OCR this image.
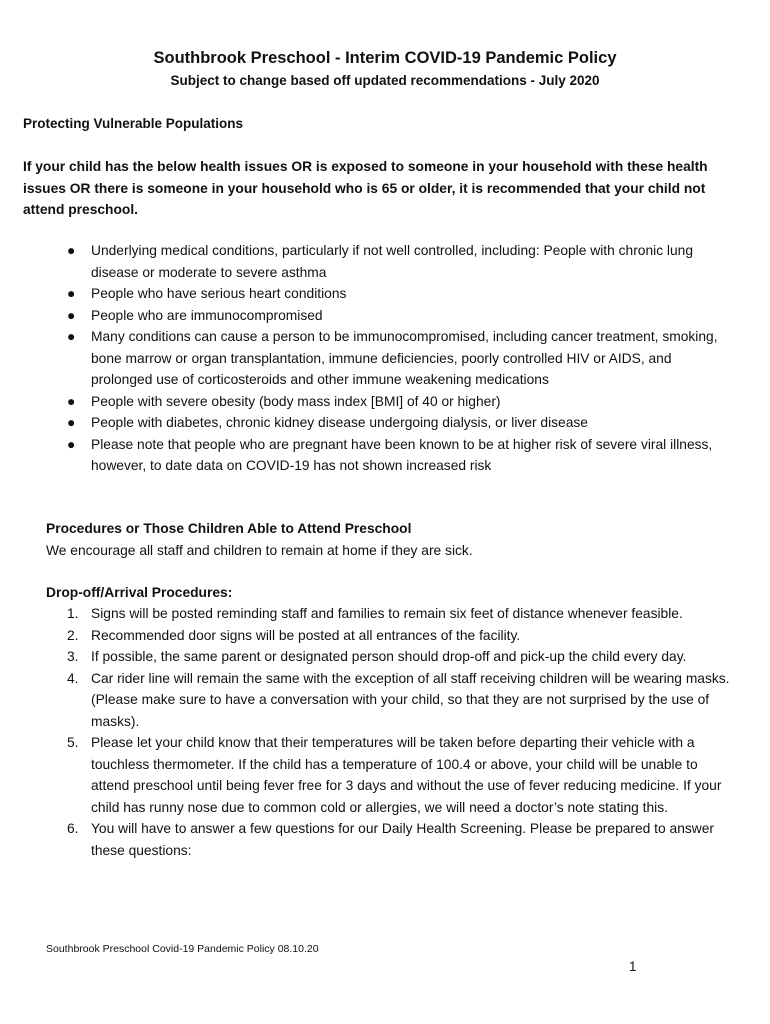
Southbrook Preschool - Interim COVID-19 Pandemic Policy
Subject to change based off updated recommendations - July 2020
Protecting Vulnerable Populations
If your child has the below health issues OR is exposed to someone in your household with these health issues OR there is someone in your household who is 65 or older, it is recommended that your child not attend preschool.
● Underlying medical conditions, particularly if not well controlled, including: People with chronic lung disease or moderate to severe asthma
● People who have serious heart conditions
● People who are immunocompromised
● Many conditions can cause a person to be immunocompromised, including cancer treatment, smoking, bone marrow or organ transplantation, immune deficiencies, poorly controlled HIV or AIDS, and prolonged use of corticosteroids and other immune weakening medications
● People with severe obesity (body mass index [BMI] of 40 or higher)
● People with diabetes, chronic kidney disease undergoing dialysis, or liver disease
● Please note that people who are pregnant have been known to be at higher risk of severe viral illness, however, to date data on COVID-19 has not shown increased risk
Procedures or Those Children Able to Attend Preschool
We encourage all staff and children to remain at home if they are sick.
Drop-off/Arrival Procedures:
1. Signs will be posted reminding staff and families to remain six feet of distance whenever feasible.
2. Recommended door signs will be posted at all entrances of the facility.
3. If possible, the same parent or designated person should drop-off and pick-up the child every day.
4. Car rider line will remain the same with the exception of all staff receiving children will be wearing masks. (Please make sure to have a conversation with your child, so that they are not surprised by the use of masks).
5. Please let your child know that their temperatures will be taken before departing their vehicle with a touchless thermometer. If the child has a temperature of 100.4 or above, your child will be unable to attend preschool until being fever free for 3 days and without the use of fever reducing medicine. If your child has runny nose due to common cold or allergies, we will need a doctor’s note stating this.
6. You will have to answer a few questions for our Daily Health Screening. Please be prepared to answer these questions:
Southbrook Preschool Covid-19 Pandemic Policy 08.10.20
1
